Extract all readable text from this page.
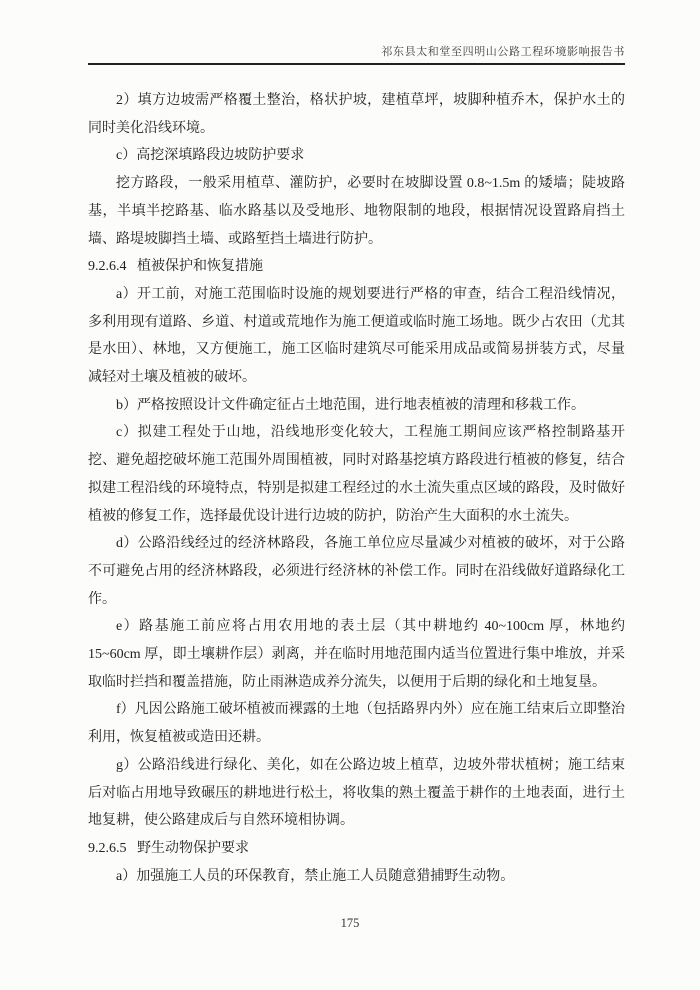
祁东县太和堂至四明山公路工程环境影响报告书

2）填方边坡需严格覆土整治，格状护坡，建植草坪，坡脚种植乔木，保护水土的同时美化沿线环境。

c）高挖深填路段边坡防护要求

挖方路段，一般采用植草、灌防护，必要时在坡脚设置 0.8~1.5m 的矮墙；陡坡路基，半填半挖路基、临水路基以及受地形、地物限制的地段，根据情况设置路肩挡土墙、路堤坡脚挡土墙、或路堑挡土墙进行防护。

9.2.6.4 植被保护和恢复措施

a）开工前，对施工范围临时设施的规划要进行严格的审查，结合工程沿线情况，多利用现有道路、乡道、村道或荒地作为施工便道或临时施工场地。既少占农田（尤其是水田）、林地，又方便施工，施工区临时建筑尽可能采用成品或简易拼装方式，尽量减轻对土壤及植被的破坏。

b）严格按照设计文件确定征占土地范围，进行地表植被的清理和移栽工作。

c）拟建工程处于山地，沿线地形变化较大，工程施工期间应该严格控制路基开挖、避免超挖破坏施工范围外周围植被，同时对路基挖填方路段进行植被的修复，结合拟建工程沿线的环境特点，特别是拟建工程经过的水土流失重点区域的路段，及时做好植被的修复工作，选择最优设计进行边坡的防护，防治产生大面积的水土流失。

d）公路沿线经过的经济林路段，各施工单位应尽量减少对植被的破坏，对于公路不可避免占用的经济林路段，必须进行经济林的补偿工作。同时在沿线做好道路绿化工作。

e）路基施工前应将占用农用地的表土层（其中耕地约 40~100cm 厚，林地约 15~60cm 厚，即土壤耕作层）剥离，并在临时用地范围内适当位置进行集中堆放，并采取临时拦挡和覆盖措施，防止雨淋造成养分流失，以便用于后期的绿化和土地复垦。

f）凡因公路施工破坏植被而裸露的土地（包括路界内外）应在施工结束后立即整治利用，恢复植被或造田还耕。

g）公路沿线进行绿化、美化，如在公路边坡上植草，边坡外带状植树；施工结束后对临占用地导致碾压的耕地进行松土，将收集的熟土覆盖于耕作的土地表面，进行土地复耕，使公路建成后与自然环境相协调。

9.2.6.5 野生动物保护要求

a）加强施工人员的环保教育，禁止施工人员随意猎捕野生动物。

175
